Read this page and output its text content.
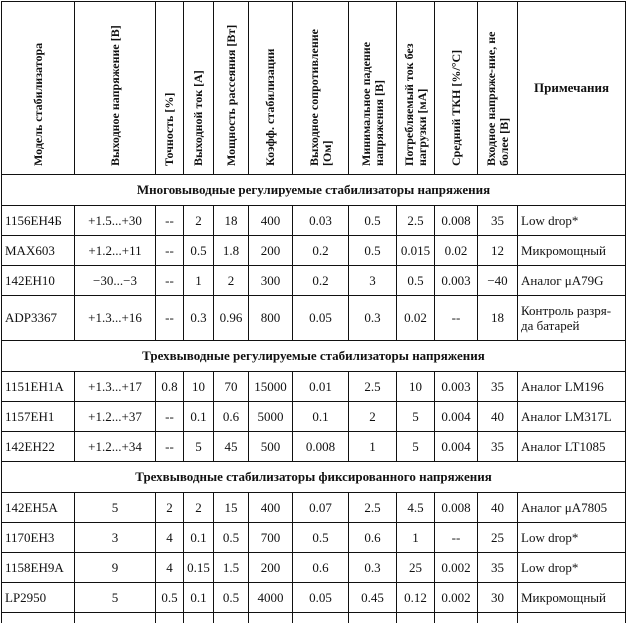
Модель стабилизатора	Выходное напряжение [В]	Точность [%]	Выходной ток [А]	Мощность рассеяния [Вт]	Коэфф. стабилизации	Выходное сопротивление [Ом]	Минимальное падение напряжения [В]	Потребляемый ток без нагрузки [мА]	Средний ТКН [%/°С]	Входное напряже-ние, не более [В]	Примечания
Многовыводные регулируемые стабилизаторы напряжения											
1156ЕН4Б	+1.5...+30	--	2	18	400	0.03	0.5	2.5	0.008	35	Low drop*
MAX603	+1.2...+11	--	0.5	1.8	200	0.2	0.5	0.015	0.02	12	Микромощный
142ЕН10	−30...−3	--	1	2	300	0.2	3	0.5	0.003	−40	Аналог μA79G
ADP3367	+1.3...+16	--	0.3	0.96	800	0.05	0.3	0.02	--	18	Контроль разря-да батарей
Трехвыводные регулируемые стабилизаторы напряжения											
1151ЕН1А	+1.3...+17	0.8	10	70	15000	0.01	2.5	10	0.003	35	Аналог LM196
1157ЕН1	+1.2...+37	--	0.1	0.6	5000	0.1	2	5	0.004	40	Аналог LM317L
142ЕН22	+1.2...+34	--	5	45	500	0.008	1	5	0.004	35	Аналог LT1085
Трехвыводные стабилизаторы фиксированного напряжения											
142ЕН5А	5	2	2	15	400	0.07	2.5	4.5	0.008	40	Аналог μA7805
1170ЕН3	3	4	0.1	0.5	700	0.5	0.6	1	--	25	Low drop*
1158ЕН9А	9	4	0.15	1.5	200	0.6	0.3	25	0.002	35	Low drop*
LP2950	5	0.5	0.1	0.5	4000	0.05	0.45	0.12	0.002	30	Микромощный
